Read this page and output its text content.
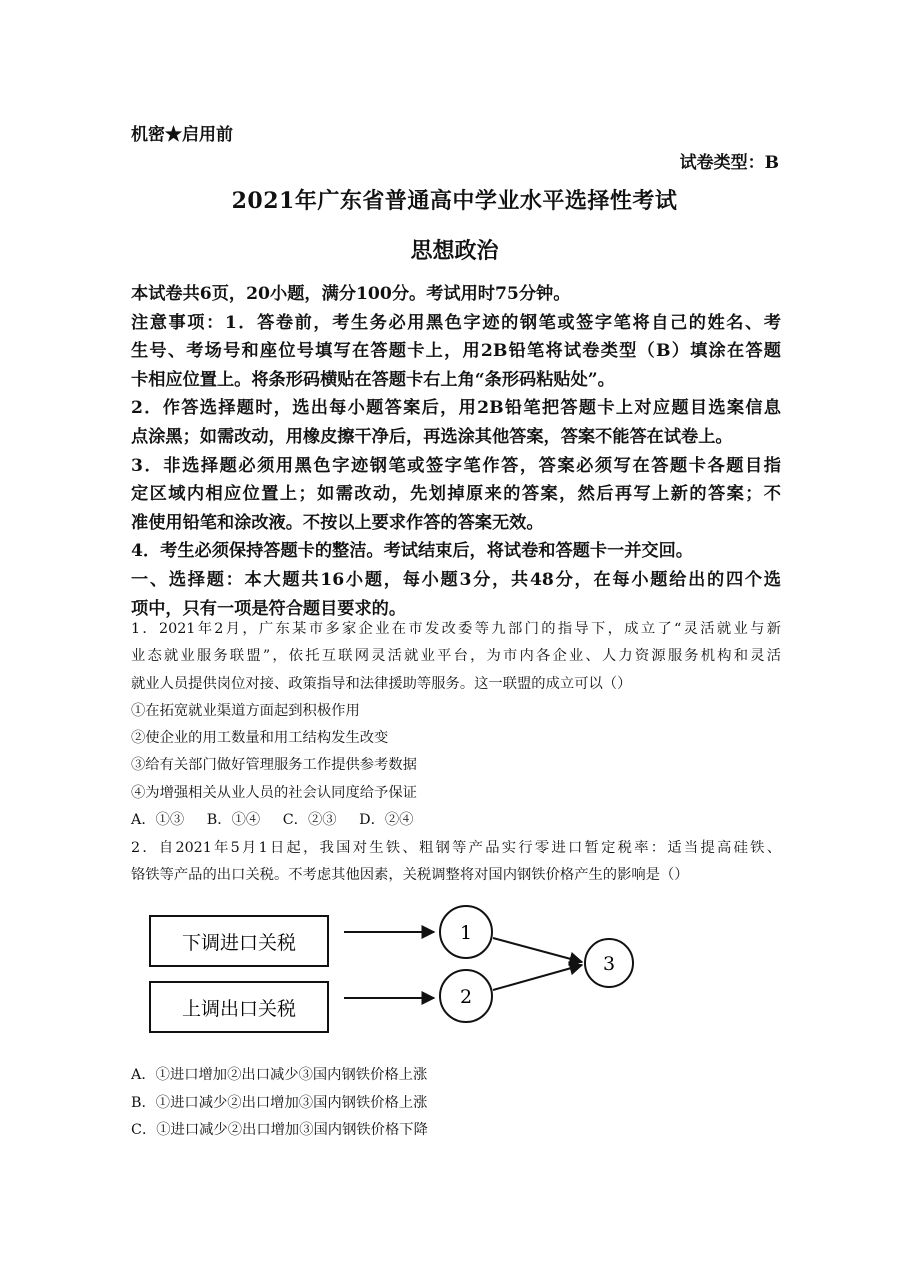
机密★启用前
试卷类型：B
2021年广东省普通高中学业水平选择性考试
思想政治
本试卷共6页，20小题，满分100分。考试用时75分钟。
注意事项：1．答卷前，考生务必用黑色字迹的钢笔或签字笔将自己的姓名、考
生号、考场号和座位号填写在答题卡上，用2B铅笔将试卷类型（B）填涂在答题
卡相应位置上。将条形码横贴在答题卡右上角“条形码粘贴处”。
2．作答选择题时，选出每小题答案后，用2B铅笔把答题卡上对应题目选案信息
点涂黑；如需改动，用橡皮擦干净后，再选涂其他答案，答案不能答在试卷上。
3．非选择题必须用黑色字迹钢笔或签字笔作答，答案必须写在答题卡各题目指
定区域内相应位置上；如需改动，先划掉原来的答案，然后再写上新的答案；不
准使用铅笔和涂改液。不按以上要求作答的答案无效。
4．考生必须保持答题卡的整洁。考试结束后，将试卷和答题卡一并交回。
一、选择题：本大题共16小题，每小题3分，共48分，在每小题给出的四个选
项中，只有一项是符合题目要求的。
1．2021年2月，广东某市多家企业在市发改委等九部门的指导下，成立了“灵活就业与新
业态就业服务联盟”，依托互联网灵活就业平台，为市内各企业、人力资源服务机构和灵活
就业人员提供岗位对接、政策指导和法律援助等服务。这一联盟的成立可以（）
①在拓宽就业渠道方面起到积极作用
②使企业的用工数量和用工结构发生改变
③给有关部门做好管理服务工作提供参考数据
④为增强相关从业人员的社会认同度给予保证
A．①③ B．①④ C．②③ D．②④
2．自2021年5月1日起，我国对生铁、粗钢等产品实行零进口暂定税率：适当提高硅铁、
铬铁等产品的出口关税。不考虑其他因素，关税调整将对国内钢铁价格产生的影响是（）
下调进口关税
上调出口关税
1
2
3
A．①进口增加②出口减少③国内钢铁价格上涨
B．①进口减少②出口增加③国内钢铁价格上涨
C．①进口减少②出口增加③国内钢铁价格下降
